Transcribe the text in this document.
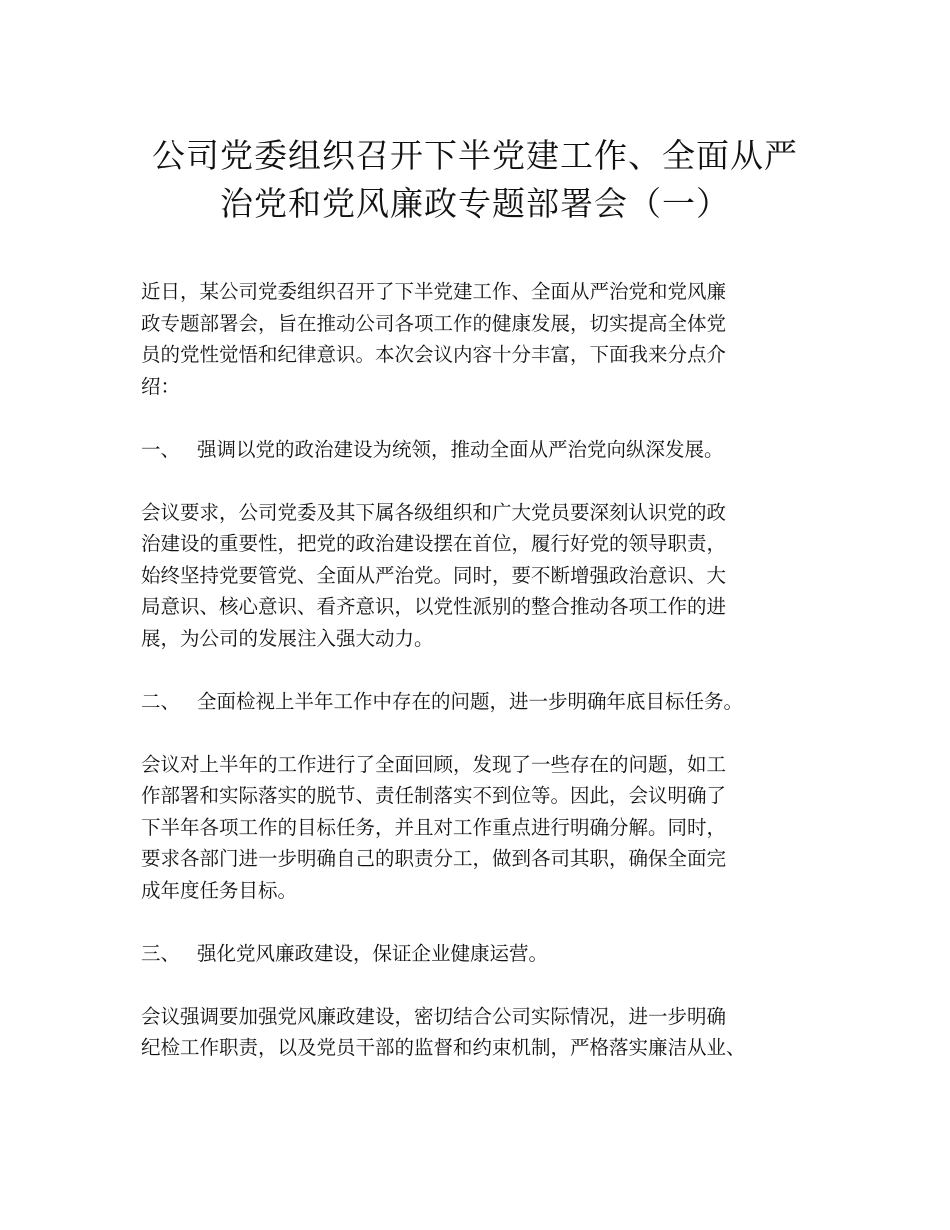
公司党委组织召开下半党建工作、全面从严
治党和党风廉政专题部署会（一）

近日，某公司党委组织召开了下半党建工作、全面从严治党和党风廉
政专题部署会，旨在推动公司各项工作的健康发展，切实提高全体党
员的党性觉悟和纪律意识。本次会议内容十分丰富，下面我来分点介
绍：

一、 强调以党的政治建设为统领，推动全面从严治党向纵深发展。

会议要求，公司党委及其下属各级组织和广大党员要深刻认识党的政
治建设的重要性，把党的政治建设摆在首位，履行好党的领导职责，
始终坚持党要管党、全面从严治党。同时，要不断增强政治意识、大
局意识、核心意识、看齐意识，以党性派别的整合推动各项工作的进
展，为公司的发展注入强大动力。

二、 全面检视上半年工作中存在的问题，进一步明确年底目标任务。

会议对上半年的工作进行了全面回顾，发现了一些存在的问题，如工
作部署和实际落实的脱节、责任制落实不到位等。因此，会议明确了
下半年各项工作的目标任务，并且对工作重点进行明确分解。同时，
要求各部门进一步明确自己的职责分工，做到各司其职，确保全面完
成年度任务目标。

三、 强化党风廉政建设，保证企业健康运营。

会议强调要加强党风廉政建设，密切结合公司实际情况，进一步明确
纪检工作职责，以及党员干部的监督和约束机制，严格落实廉洁从业、
